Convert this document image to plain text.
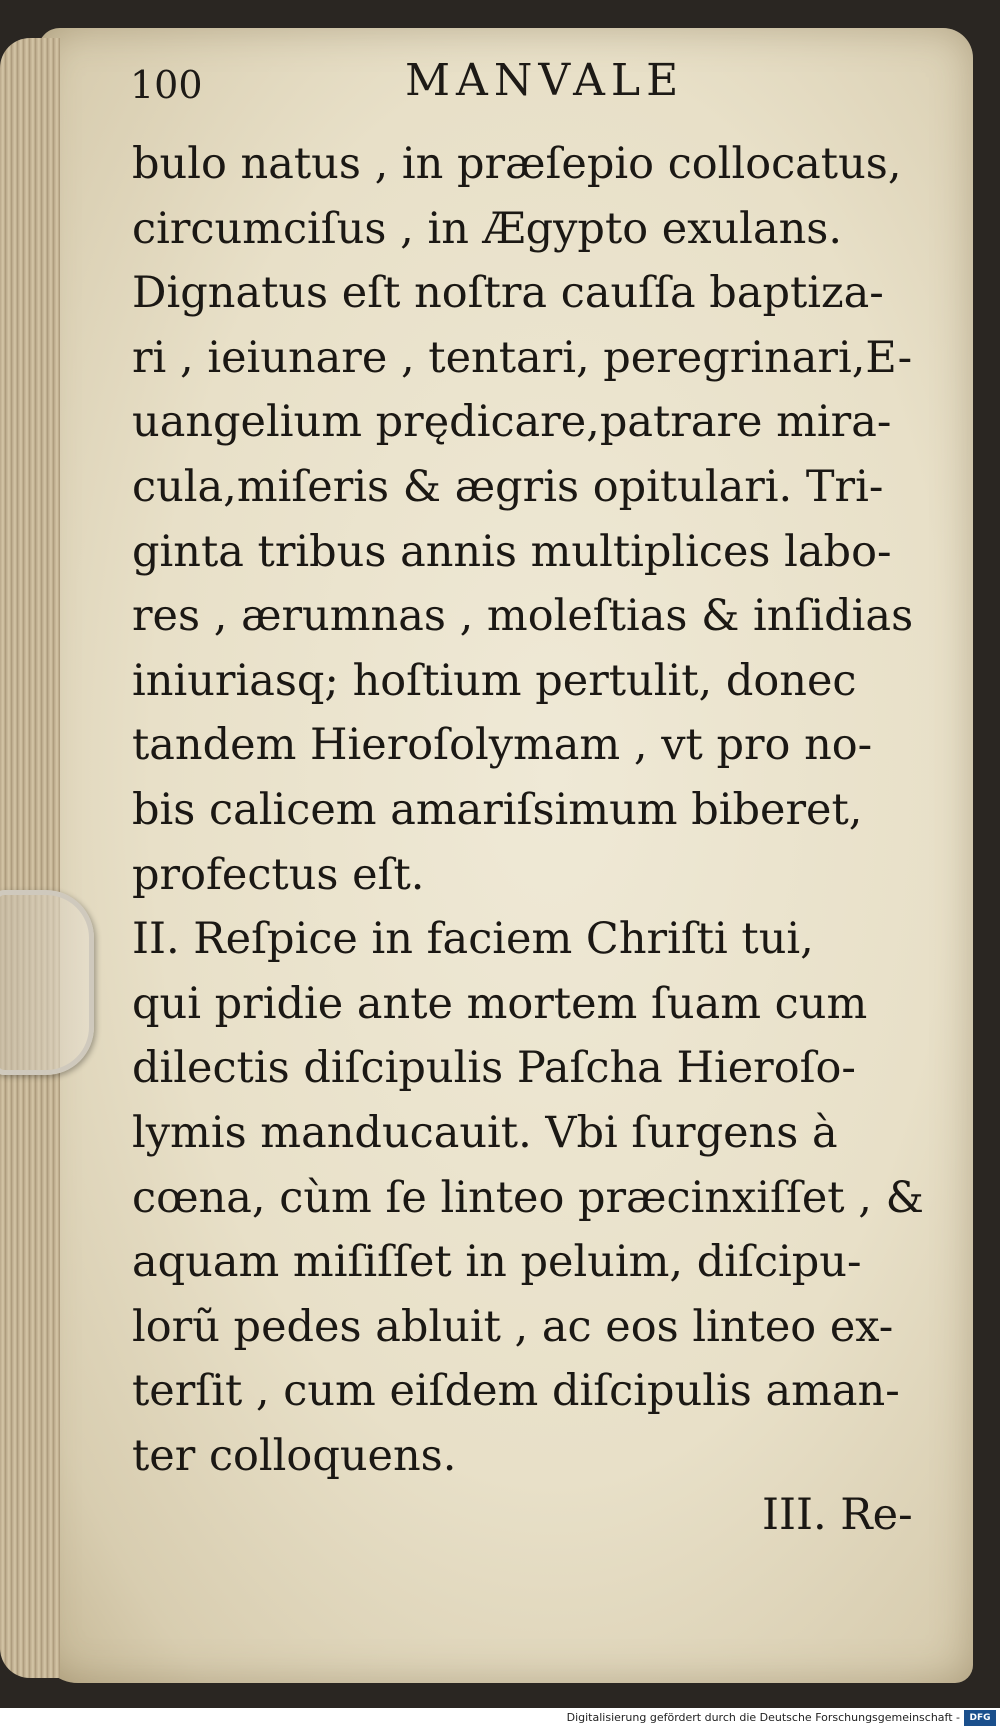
100	MANVALE
bulo natus , in præſepio collocatus,
circumciſus , in Ægypto exulans.
Dignatus eſt noſtra cauſſa baptiza-
ri , ieiunare , tentari, peregrinari,E-
uangelium prędicare,patrare mira-
cula,miſeris & ægris opitulari. Tri-
ginta tribus annis multiplices labo-
res , ærumnas , moleſtias & inſidias
iniuriasq; hoſtium pertulit, donec
tandem Hieroſolymam , vt pro no-
bis calicem amariſsimum biberet,
profectus eſt.
II. Reſpice in faciem Chriſti tui,
qui pridie ante mortem ſuam cum
dilectis diſcipulis Paſcha Hieroſo-
lymis manducauit. Vbi ſurgens à
cœna, cùm ſe linteo præcinxiſſet , &
aquam miſiſſet in peluim, diſcipu-
lorũ pedes abluit , ac eos linteo ex-
terſit , cum eiſdem diſcipulis aman-
ter colloquens.
III. Re-
Digitalisierung gefördert durch die Deutsche Forschungsgemeinschaft -	DFG
